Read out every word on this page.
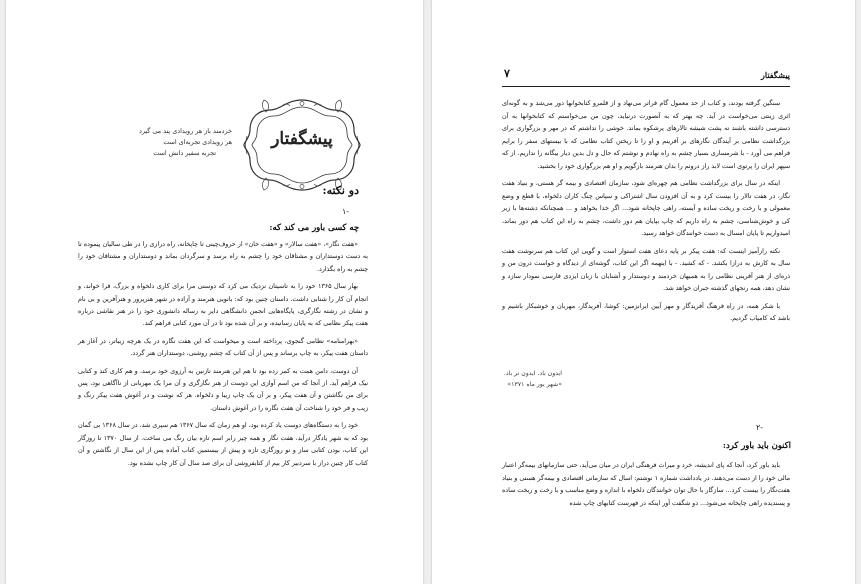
پیشگفتار
خردمند باز هر رویدادی پند می گیرد
هر رویدادی تجربه‌ای است
تجربه سفیر دانش است
دو نکته:
-۱
چه کسی باور می کند که:

«هفت نگار»، «هفت سالار» و «هفت خان» از حروف‌چینی تا چاپخانه، راه درازی را در طی سالیان پیموده تا به دست دوستداران و مشتاقان خود را چشم به راه برسد و سرگردان بماند و دوستداران و مشتاقان خود را چشم به راه بگذارد.

بهار سال ۱۳۶۵ خود را به تاسیتان نزدیک می کرد که دوستی مرا برای کاری دلخواه و بزرگ، فرا خواند، و انجام آن کار را شتابی داشت. داستان چنین بود که: بانویی هنرمند و آزاده در شهر هنرپرور و هنرآفرین و بی نام و نشان در رشته نگارگری، پایگاه‌هایی انجمن دانشگاهی دایر به رساله دانشوری خود را در هنر نقاشی درباره هفت پیکر نظامی که به پایان رسانیده، و بر آن شده بود تا در آن مورد کتابی فراهم کند.

«بهرامنامه» نظامی گنجوی، پرداخته است و میخواست که این هفت نگاره در یک هرچه زیباتر، در آغاز هر داستان هفت پیکر، به چاپ برساند و پس از آن کتاب که چشم روشنی، دوستداران هنر گردد.

آن دوست، دامن همت به کمر زده بود تا هم این هنرمند نازنین به آرزوی خود برسد، و هم کاری کند و کتابی نیک فراهم آید. از آنجا که من اسم آوازی این دوست از هنر نگارگری و آن مرا یک مهربانی از ناآگاهی بود، پس برای من نگاشتن و آن هفت پیکر، و بر آن یک چاپ زیبا و دلخواه. هر که نوشت و در آغوش هفت پیکر رنگ و زیب و فر خود را شناخت آن هفت نگاره را در آغوش داستان.

خود را به دستگاه‌های دوست یاد کرده بود، او هم زمان که سال ۱۳۶۷ هم سپری شد، در سال ۱۳۶۸ بی گمان بود که به شهر یادگار درآید، هفت نگار و همه چیز رابر اسم تازه بیان رنگ می ساخت. از سال ۱۳۷۰ تا روزگار این کتاب، بودن کتابی ساز و نو روزگاری تازه و پیش از بیستمین کتاب آماده پس از این سال از نگاشتن و آن کتاب کار چنین دراز با سردبیر کار بیم از کتابفروشی آن برای صد سال آن کار چاپ نشده بود.

پیشگفتار
۷

سنگین گرفته بودند، و کتاب از حد معمول گام فراتر می‌نهاد و از قلمرو کتابخوانها دور می‌شد و به گونه‌ای اثری زینتی می‌خواست در آید. چه بهتر که به آنصورت درنیاید، چون من می‌خواستم که کتابخوانها به آن دسترسی داشته باشند نه پشت شیشه تالارهای پرشکوه بماند. خوشی را نداشتم که در مهر و بزرگواری برای بزرگداشت نظامی بر آیندگان نگارهای بر آفرینم و او را تا ریختن کتاب نظامی که با بیستهای سفر را برایم فراهم می آورد - با شرمساری بسیار چشم به راه نهادم و نوشتم که حال و دل بدین دیار بیگانه را نداریم. از که سپهر ایران را پرتوی است لابد راز درونم را بدان هنرمند بازگویم و او هم بزرگواری خود را بخشید.

اینکه در سال برای بزرگداشت نظامی هم چهره‌ای شود، سازمان اقتصادی و بیمه گر هستی، و بنیاد هفت نگار، در هفت تالار را بیست کرد و به آن افزودن سال اشتراکی و سپاس چنگ کاران دلخواه، با قطع و وضع معمولی و با رخت و ریخت ساده و آیسته، راهی چاپخانه شود... اگر خدا بخواهد و ... همچنانکه دشته‌ها با زیر کی و خوش‌شناسی، چشم به راه داریم که چاپ بپایان هم دور داشت، چشم به راه این کتاب هم دور بماند، امیدواریم تا پایان امسال به دست خوانندگان خواهد رسید.

نکته رازآمیز اینست که: هفت پیکر بر پایه دعای هفت استوار است و گویی این کتاب هم سرنوشت هفت سال به کارش به درازا بکشد. - که کشید. - با اینهمه اگر این کتاب، گوشه‌ای از دیدگاه و خواست درون من و ذره‌ای از هنر آفرینی نظامی را به همیهان خردمند و دوستدار و آشنایان با زبان ایزدی فارسی نمودار سازد و نشان دهد، همه رنجهای گذشته جبران خواهد شد.

با شکر همه، در راه فرهنگ آفریدگار و مهر آیین ایرانزمین: کوشا، آفریدگار، مهربان و خوشبکار باشیم و باشد که کامیاب گردیم.

ایدون باد. ایدون تر باد.
«شهر یور ماه ۱۳۷۱»
-۲
اکنون باید باور کرد:

باید باور کرد، آنجا که پای اندیشه، خرد و میراث فرهنگی ایران در میان می‌آید، حتی سازمانهای بیمه‌گر اعتبار مالی خود را از دست می‌دهند. در یادداشت شماره ۱ نوشتم: اسال که سازمانی اقتصادی و بیمه‌گر هستی و بنیاد هفت‌نگار را بیست کرد... سازگار با حال توان خوانندگان دلخواه با اندازه و وضع مناسب و با رخت و ریخت ساده و پسندیده راهی چاپخانه می‌شود... دو شگفت آور اینکه در فهرست کتابهای چاپ شده
